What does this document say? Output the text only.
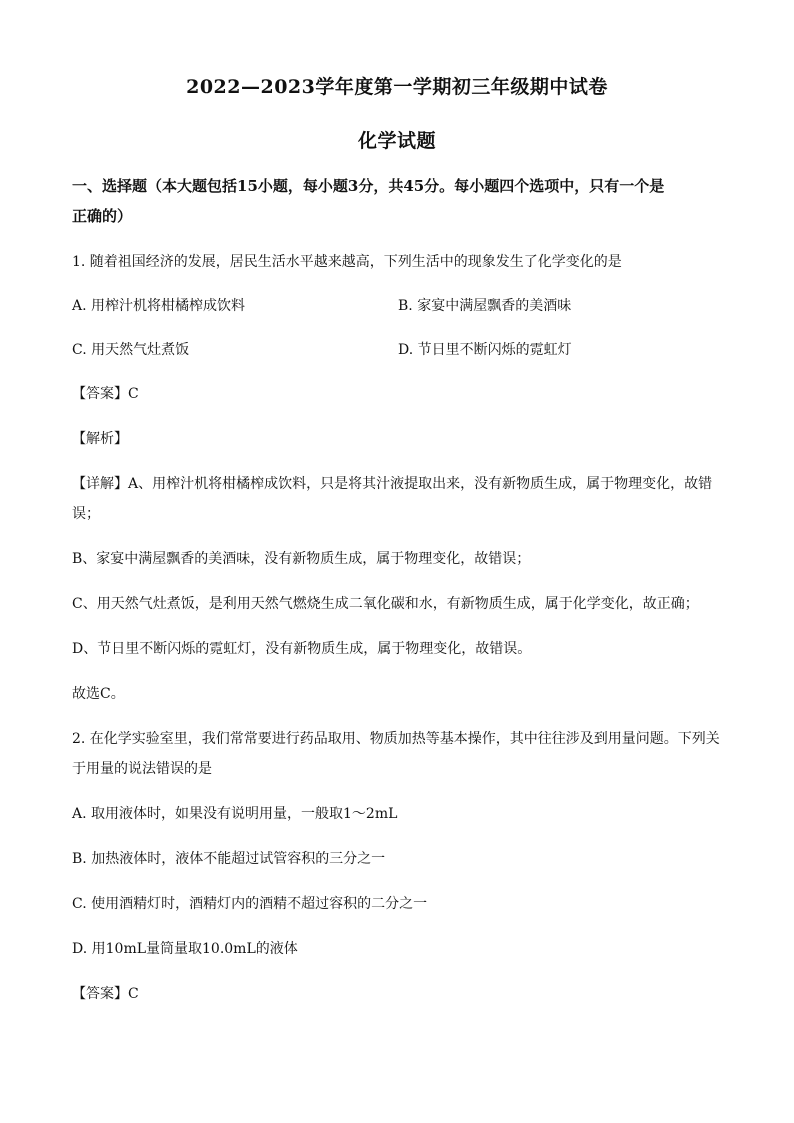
2022—2023学年度第一学期初三年级期中试卷
化学试题
一、选择题（本大题包括15小题，每小题3分，共45分。每小题四个选项中，只有一个是
正确的）
1. 随着祖国经济的发展，居民生活水平越来越高，下列生活中的现象发生了化学变化的是
A. 用榨汁机将柑橘榨成饮料	B. 家宴中满屋飘香的美酒味
C. 用天然气灶煮饭	D. 节日里不断闪烁的霓虹灯
【答案】C
【解析】
【详解】A、用榨汁机将柑橘榨成饮料，只是将其汁液提取出来，没有新物质生成，属于物理变化，故错
误；
B、家宴中满屋飘香的美酒味，没有新物质生成，属于物理变化，故错误；
C、用天然气灶煮饭，是利用天然气燃烧生成二氧化碳和水，有新物质生成，属于化学变化，故正确；
D、节日里不断闪烁的霓虹灯，没有新物质生成，属于物理变化，故错误。
故选C。
2. 在化学实验室里，我们常常要进行药品取用、物质加热等基本操作，其中往往涉及到用量问题。下列关
于用量的说法错误的是
A. 取用液体时，如果没有说明用量，一般取1～2mL
B. 加热液体时，液体不能超过试管容积的三分之一
C. 使用酒精灯时，酒精灯内的酒精不超过容积的二分之一
D. 用10mL量筒量取10.0mL的液体
【答案】C
